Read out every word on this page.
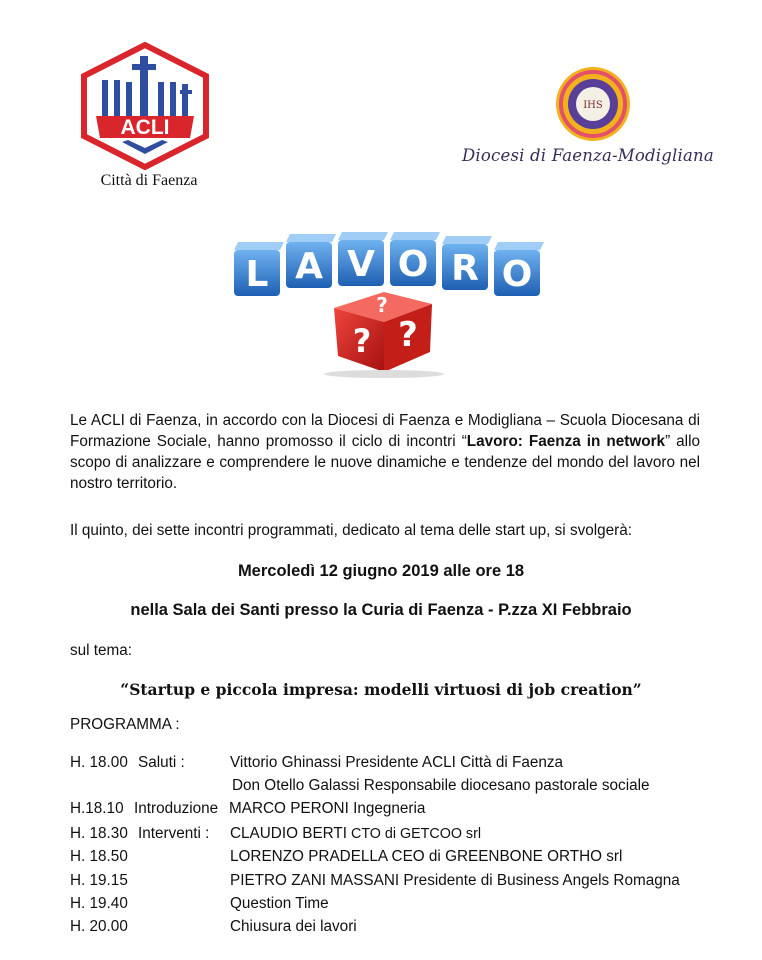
ACLI
Città di Faenza
IHS
Diocesi di Faenza-Modigliana
L A V O R O
?
? ?
Le ACLI di Faenza, in accordo con la Diocesi di Faenza e Modigliana – Scuola Diocesana di Formazione Sociale, hanno promosso il ciclo di incontri “Lavoro: Faenza in network” allo scopo di analizzare e comprendere le nuove dinamiche e tendenze del mondo del lavoro nel nostro territorio.
Il quinto, dei sette incontri programmati, dedicato al tema delle start up, si svolgerà:
Mercoledì 12 giugno 2019 alle ore 18
nella Sala dei Santi presso la Curia di Faenza - P.zza XI Febbraio
sul tema:
“Startup e piccola impresa: modelli virtuosi di job creation”
PROGRAMMA :
H. 18.00 Saluti :	Vittorio Ghinassi Presidente ACLI Città di Faenza
Don Otello Galassi Responsabile diocesano pastorale sociale
H.18.10 Introduzione MARCO PERONI Ingegneria
H. 18.30 Interventi : CLAUDIO BERTI CTO di GETCOO srl
H. 18.50	LORENZO PRADELLA CEO di GREENBONE ORTHO srl
H. 19.15	PIETRO ZANI MASSANI Presidente di Business Angels Romagna
H. 19.40	Question Time
H. 20.00	Chiusura dei lavori
